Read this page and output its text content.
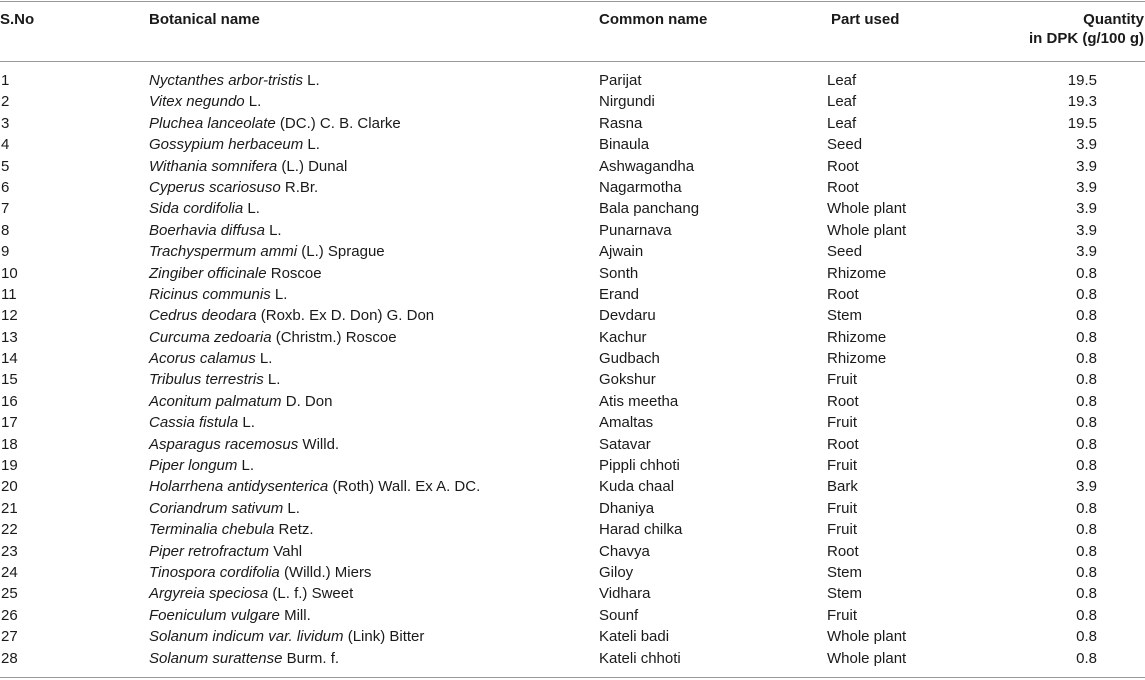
S.No	Botanical name	Common name	Part used	Quantity
in DPK (g/100 g)
1	Nyctanthes arbor-tristis L.	Parijat	Leaf	19.5
2	Vitex negundo L.	Nirgundi	Leaf	19.3
3	Pluchea lanceolate (DC.) C. B. Clarke	Rasna	Leaf	19.5
4	Gossypium herbaceum L.	Binaula	Seed	3.9
5	Withania somnifera (L.) Dunal	Ashwagandha	Root	3.9
6	Cyperus scariosuso R.Br.	Nagarmotha	Root	3.9
7	Sida cordifolia L.	Bala panchang	Whole plant	3.9
8	Boerhavia diffusa L.	Punarnava	Whole plant	3.9
9	Trachyspermum ammi (L.) Sprague	Ajwain	Seed	3.9
10	Zingiber officinale Roscoe	Sonth	Rhizome	0.8
11	Ricinus communis L.	Erand	Root	0.8
12	Cedrus deodara (Roxb. Ex D. Don) G. Don	Devdaru	Stem	0.8
13	Curcuma zedoaria (Christm.) Roscoe	Kachur	Rhizome	0.8
14	Acorus calamus L.	Gudbach	Rhizome	0.8
15	Tribulus terrestris L.	Gokshur	Fruit	0.8
16	Aconitum palmatum D. Don	Atis meetha	Root	0.8
17	Cassia fistula L.	Amaltas	Fruit	0.8
18	Asparagus racemosus Willd.	Satavar	Root	0.8
19	Piper longum L.	Pippli chhoti	Fruit	0.8
20	Holarrhena antidysenterica (Roth) Wall. Ex A. DC.	Kuda chaal	Bark	3.9
21	Coriandrum sativum L.	Dhaniya	Fruit	0.8
22	Terminalia chebula Retz.	Harad chilka	Fruit	0.8
23	Piper retrofractum Vahl	Chavya	Root	0.8
24	Tinospora cordifolia (Willd.) Miers	Giloy	Stem	0.8
25	Argyreia speciosa (L. f.) Sweet	Vidhara	Stem	0.8
26	Foeniculum vulgare Mill.	Sounf	Fruit	0.8
27	Solanum indicum var. lividum (Link) Bitter	Kateli badi	Whole plant	0.8
28	Solanum surattense Burm. f.	Kateli chhoti	Whole plant	0.8
